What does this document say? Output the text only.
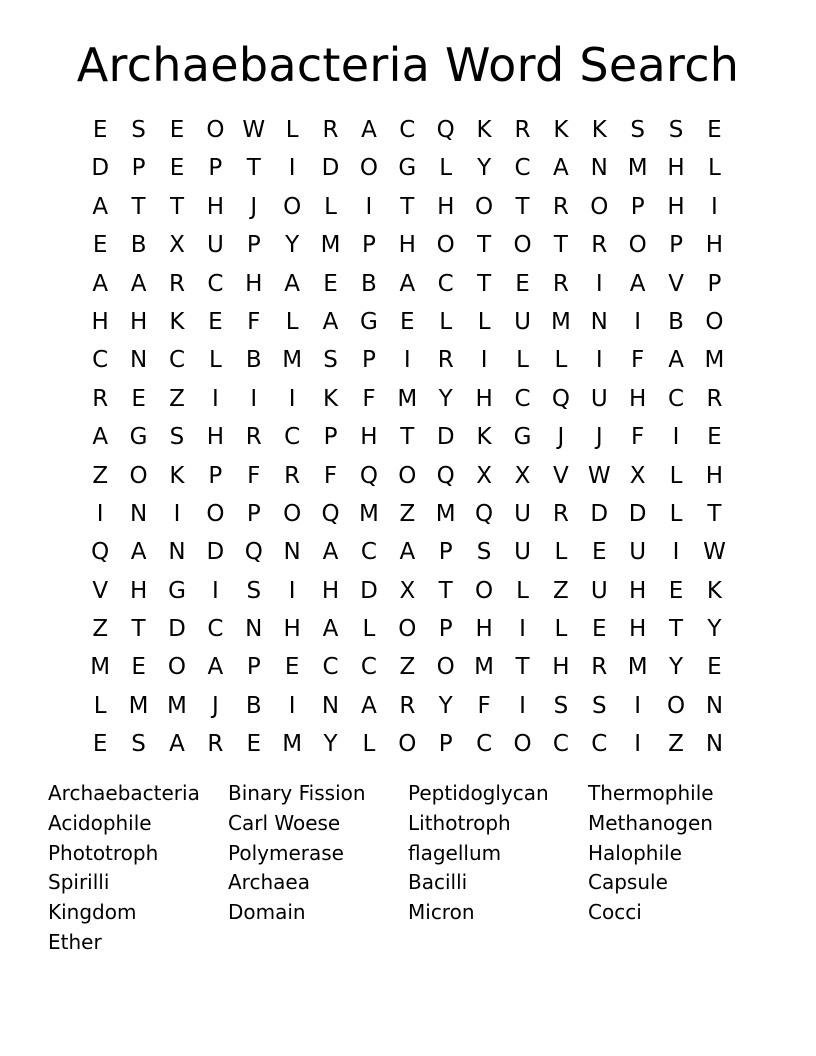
Archaebacteria Word Search
E	S	E O W L	R A C Q K R K	K	S	S	E
D P	E	P	T	I	D O G	L	Y	C A N M H	L
A	T	T H	J	O L	I	T H O T	R O P H	I
E	B X U	P	Y M P H O T O T	R O P H
A A R C H A	E	B A C	T	E	R	I	A V	P
H H K	E	F	L	A G E	L	L	U M N	I	B O
C N C	L	B M S	P	I	R	I	L	L	I	F	A M
R	E	Z	I	I	I	K	F M Y H C Q U H C R
A G S H R C	P H T D K G	J	J	F	I	E
Z O K	P	F	R	F Q O Q X X V W X	L	H
I	N	I	O P O Q M Z M Q U R D D	L	T
Q A N D Q N A C A	P	S U	L	E U	I	W
V H G	I	S	I	H D X	T O L	Z U H E	K
Z	T D C N H A	L O P H	I	L	E H T	Y
M E O A	P	E	C C Z O M T H R M Y	E
L M M	J	B	I	N A R	Y	F	I	S	S	I	O N
E	S	A R	E M Y	L O P	C O C C	I	Z N
Archaebacteria	Binary Fission	Peptidoglycan	Thermophile
Acidophile	Carl Woese	Lithotroph	Methanogen
Phototroph	Polymerase	flagellum	Halophile
Spirilli	Archaea	Bacilli	Capsule
Kingdom	Domain	Micron	Cocci
Ether
